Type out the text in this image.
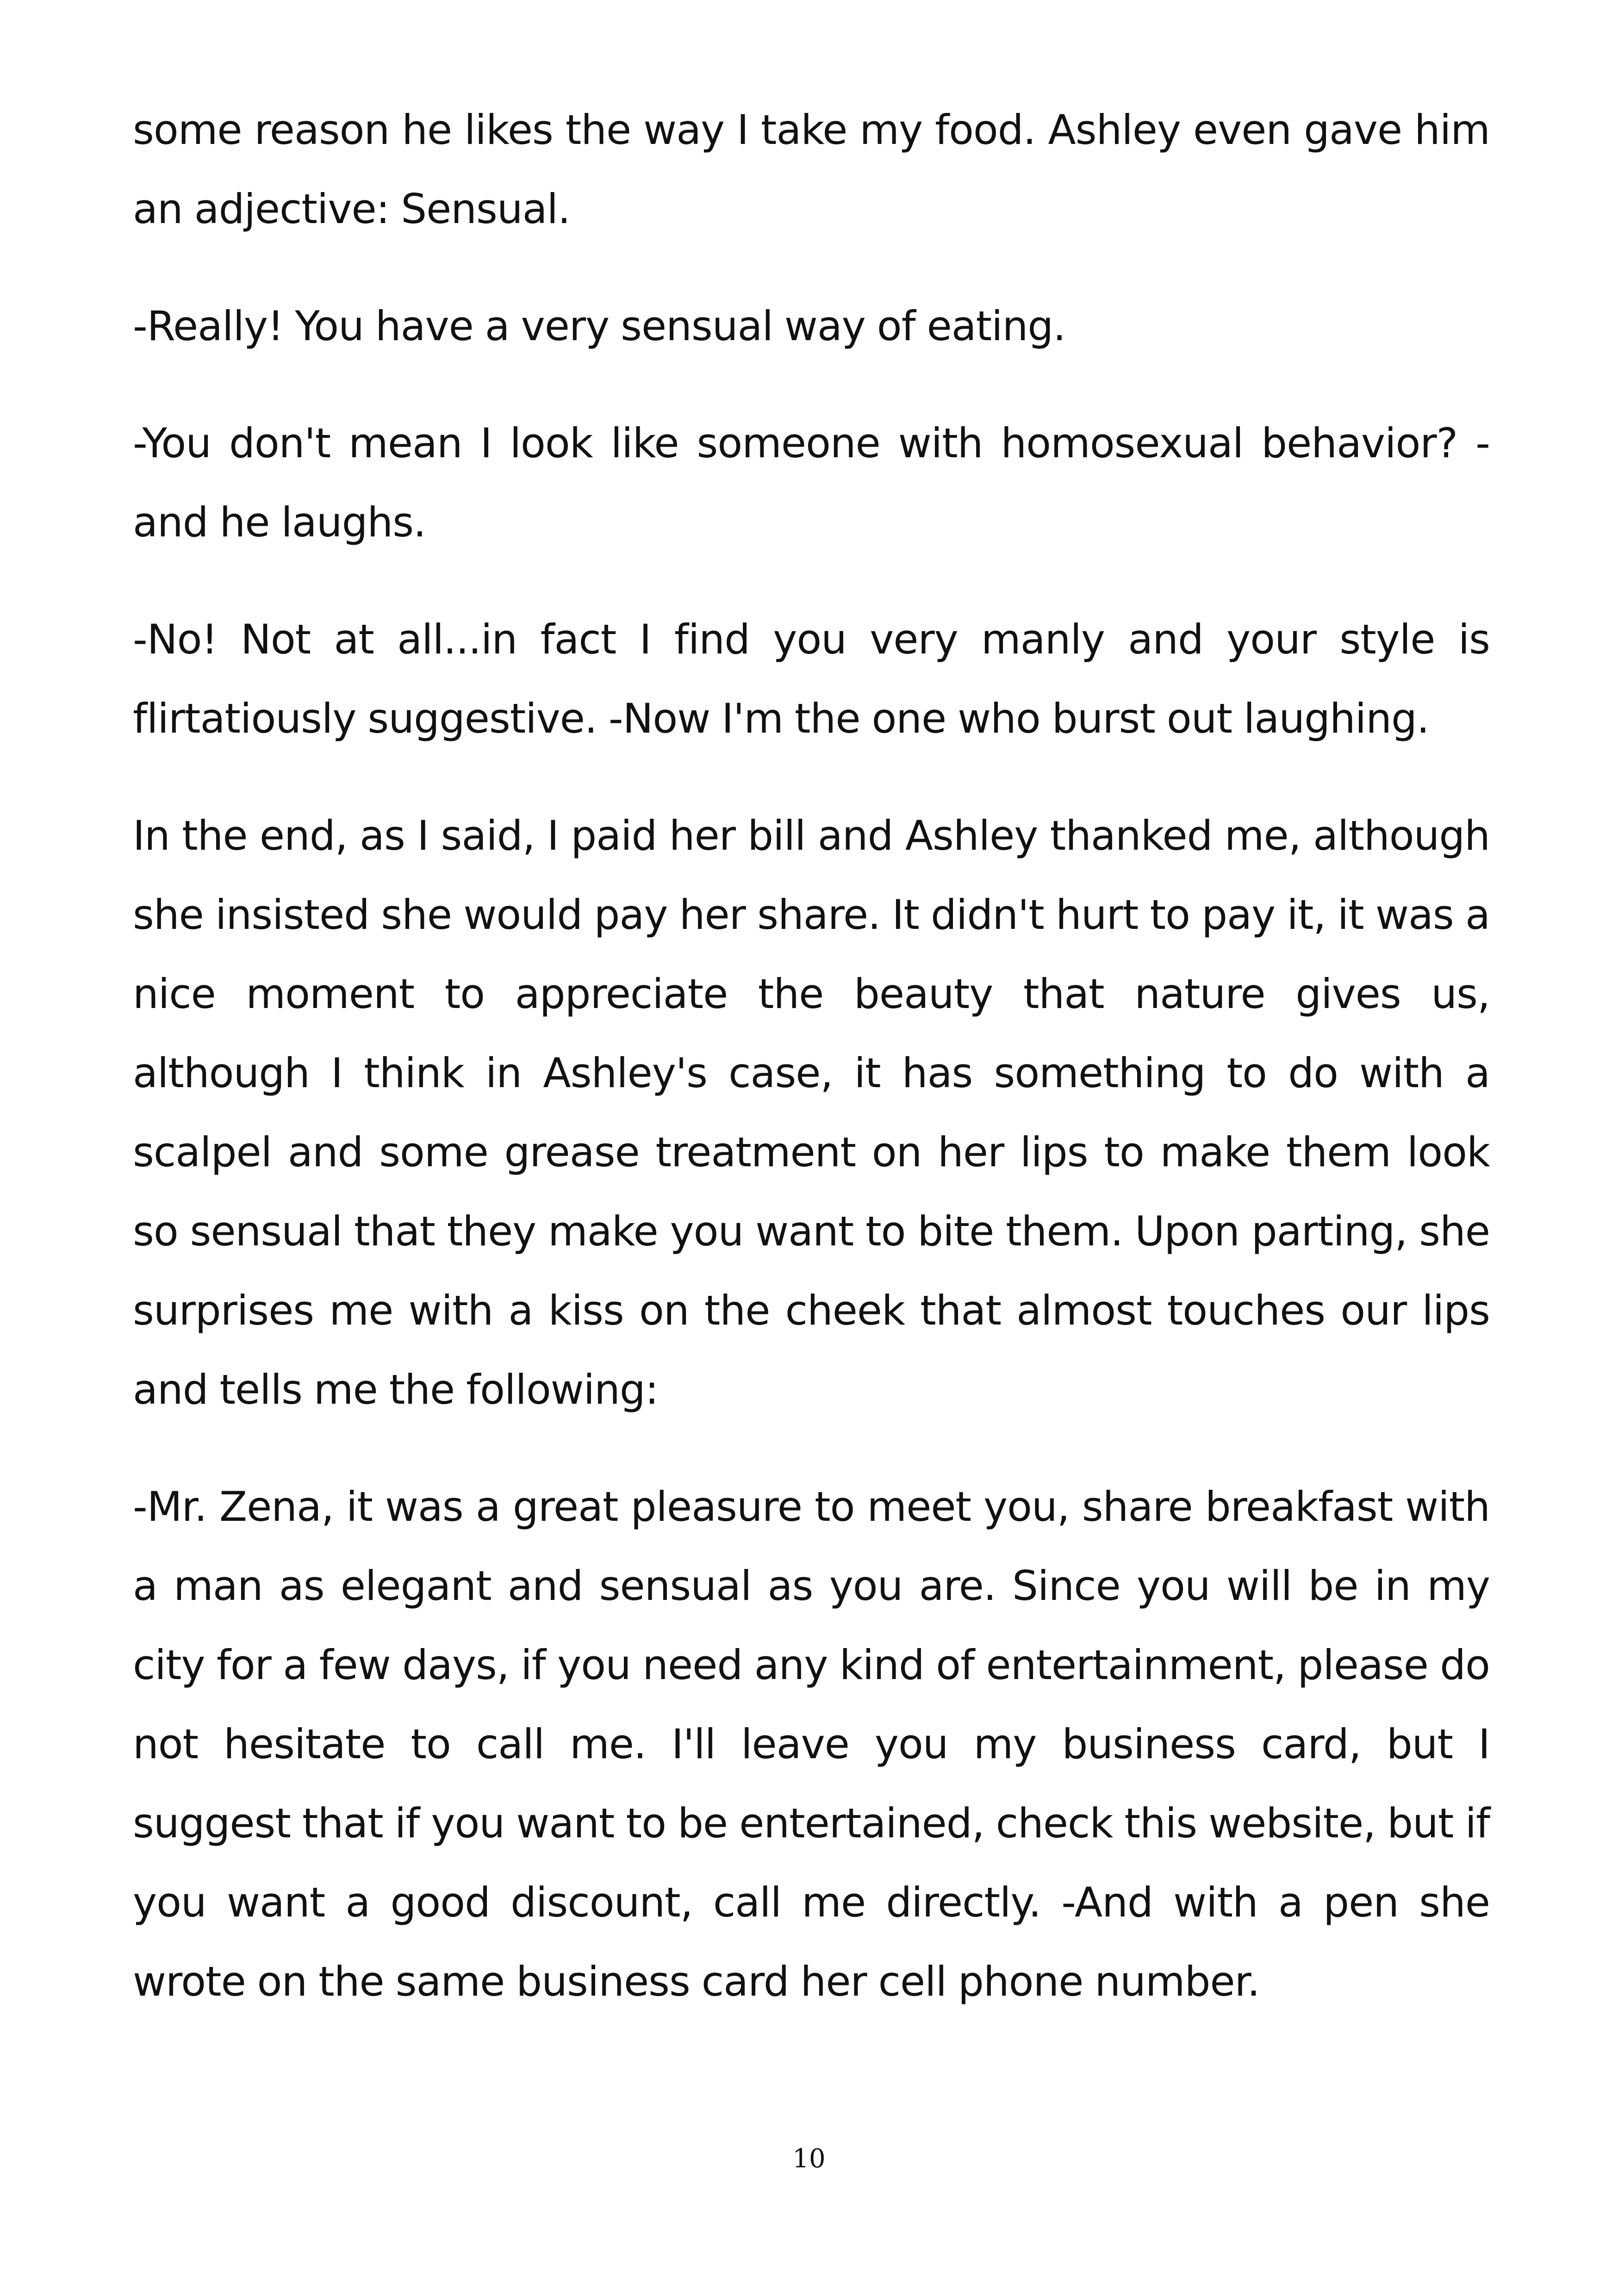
some reason he likes the way I take my food. Ashley even gave him an adjective: Sensual.

-Really! You have a very sensual way of eating.

-You don't mean I look like someone with homosexual behavior? - and he laughs.

-No! Not at all...in fact I find you very manly and your style is flirtatiously suggestive. -Now I'm the one who burst out laughing.

In the end, as I said, I paid her bill and Ashley thanked me, although she insisted she would pay her share. It didn't hurt to pay it, it was a nice moment to appreciate the beauty that nature gives us, although I think in Ashley's case, it has something to do with a scalpel and some grease treatment on her lips to make them look so sensual that they make you want to bite them. Upon parting, she surprises me with a kiss on the cheek that almost touches our lips and tells me the following:

-Mr. Zena, it was a great pleasure to meet you, share breakfast with a man as elegant and sensual as you are. Since you will be in my city for a few days, if you need any kind of entertainment, please do not hesitate to call me. I'll leave you my business card, but I suggest that if you want to be entertained, check this website, but if you want a good discount, call me directly. -And with a pen she wrote on the same business card her cell phone number.

10
